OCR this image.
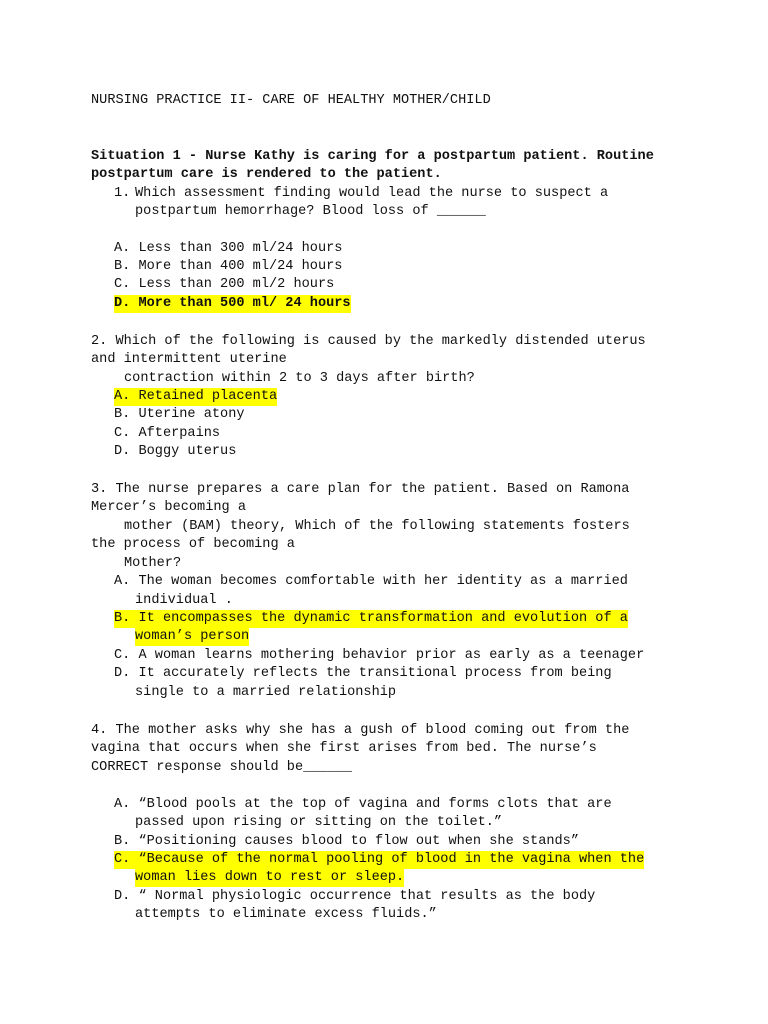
NURSING PRACTICE II- CARE OF HEALTHY MOTHER/CHILD
Situation 1 - Nurse Kathy is caring for a postpartum patient. Routine
postpartum care is rendered to the patient.
1. Which assessment finding would lead the nurse to suspect a
postpartum hemorrhage? Blood loss of ______
A. Less than 300 ml/24 hours
B. More than 400 ml/24 hours
C. Less than 200 ml/2 hours
D. More than 500 ml/ 24 hours
2. Which of the following is caused by the markedly distended uterus
and intermittent uterine
contraction within 2 to 3 days after birth?
A. Retained placenta
B. Uterine atony
C. Afterpains
D. Boggy uterus
3. The nurse prepares a care plan for the patient. Based on Ramona
Mercer’s becoming a
mother (BAM) theory, Which of the following statements fosters
the process of becoming a
Mother?
A. The woman becomes comfortable with her identity as a married
individual .
B. It encompasses the dynamic transformation and evolution of a
woman’s person
C. A woman learns mothering behavior prior as early as a teenager
D. It accurately reflects the transitional process from being
single to a married relationship
4. The mother asks why she has a gush of blood coming out from the
vagina that occurs when she first arises from bed. The nurse’s
CORRECT response should be______
A. “Blood pools at the top of vagina and forms clots that are
passed upon rising or sitting on the toilet.”
B. “Positioning causes blood to flow out when she stands”
C. “Because of the normal pooling of blood in the vagina when the
woman lies down to rest or sleep.
D. “ Normal physiologic occurrence that results as the body
attempts to eliminate excess fluids.”
